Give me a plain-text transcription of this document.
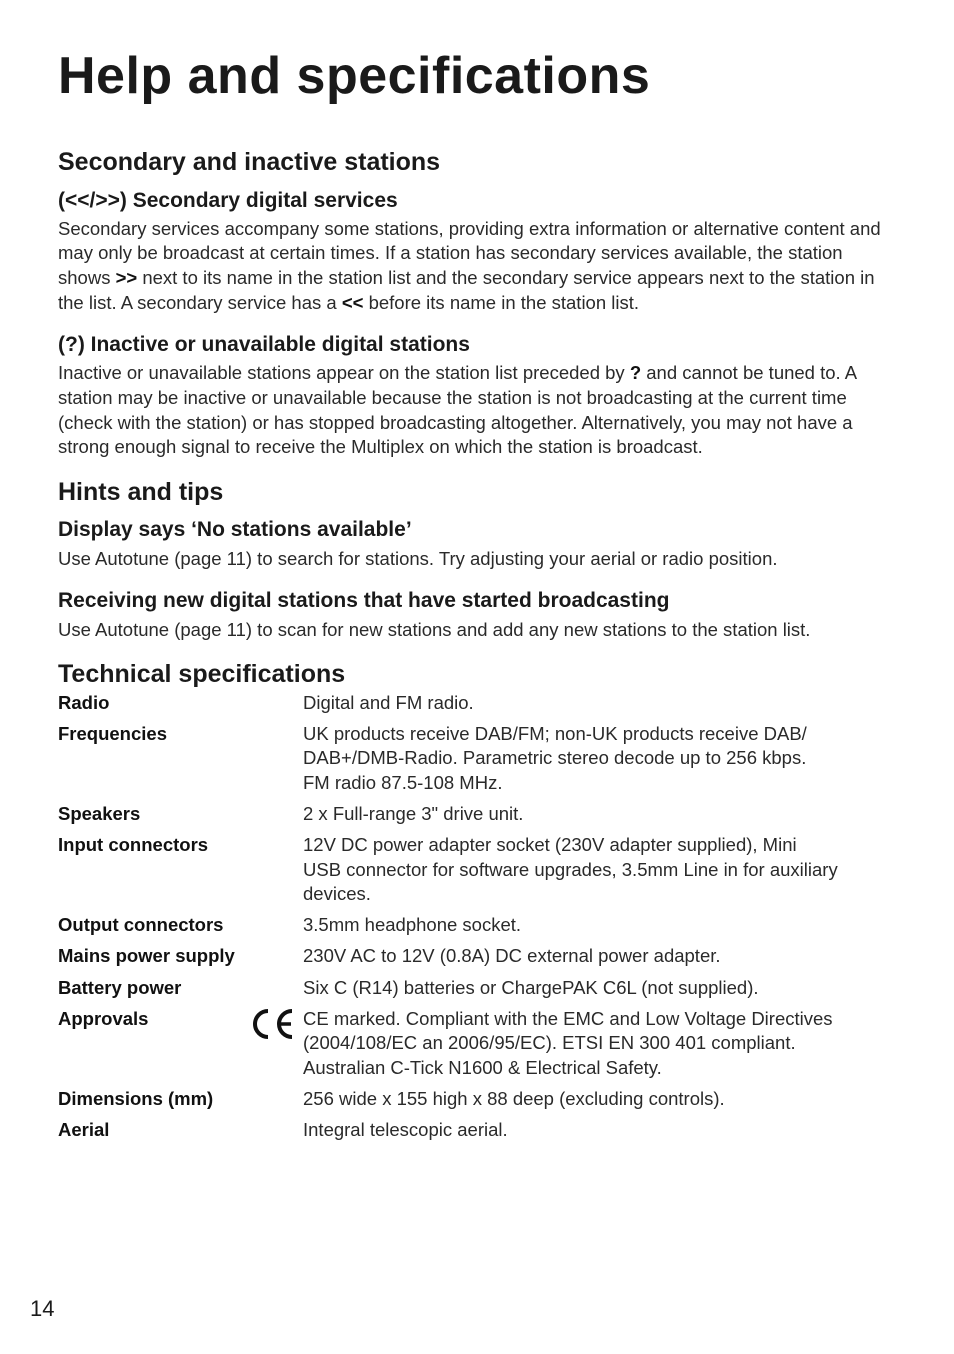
Help and specifications
Secondary and inactive stations
(<</>>) Secondary digital services

Secondary services accompany some stations, providing extra information or alternative content and may only be broadcast at certain times. If a station has secondary services available, the station shows >> next to its name in the station list and the secondary service appears next to the station in the list. A secondary service has a << before its name in the station list.

(?) Inactive or unavailable digital stations

Inactive or unavailable stations appear on the station list preceded by ? and cannot be tuned to. A station may be inactive or unavailable because the station is not broadcasting at the current time (check with the station) or has stopped broadcasting altogether. Alternatively, you may not have a strong enough signal to receive the Multiplex on which the station is broadcast.

Hints and tips
Display says ‘No stations available’

Use Autotune (page 11) to search for stations. Try adjusting your aerial or radio position.

Receiving new digital stations that have started broadcasting

Use Autotune (page 11) to scan for new stations and add any new stations to the station list.

Technical specifications
Radio	Digital and FM radio.
Frequencies	UK products receive DAB/FM; non-UK products receive DAB/
DAB+/DMB-Radio. Parametric stereo decode up to 256 kbps.
FM radio 87.5-108 MHz.
Speakers	2 x Full-range 3" drive unit.
Input connectors	12V DC power adapter socket (230V adapter supplied), Mini
USB connector for software upgrades, 3.5mm Line in for auxiliary
devices.
Output connectors	3.5mm headphone socket.
Mains power supply	230V AC to 12V (0.8A) DC external power adapter.
Battery power	Six C (R14) batteries or ChargePAK C6L (not supplied).
Approvals	CE marked. Compliant with the EMC and Low Voltage Directives
(2004/108/EC an 2006/95/EC). ETSI EN 300 401 compliant.
Australian C-Tick N1600 & Electrical Safety.
Dimensions (mm)	256 wide x 155 high x 88 deep (excluding controls).
Aerial	Integral telescopic aerial.
14
